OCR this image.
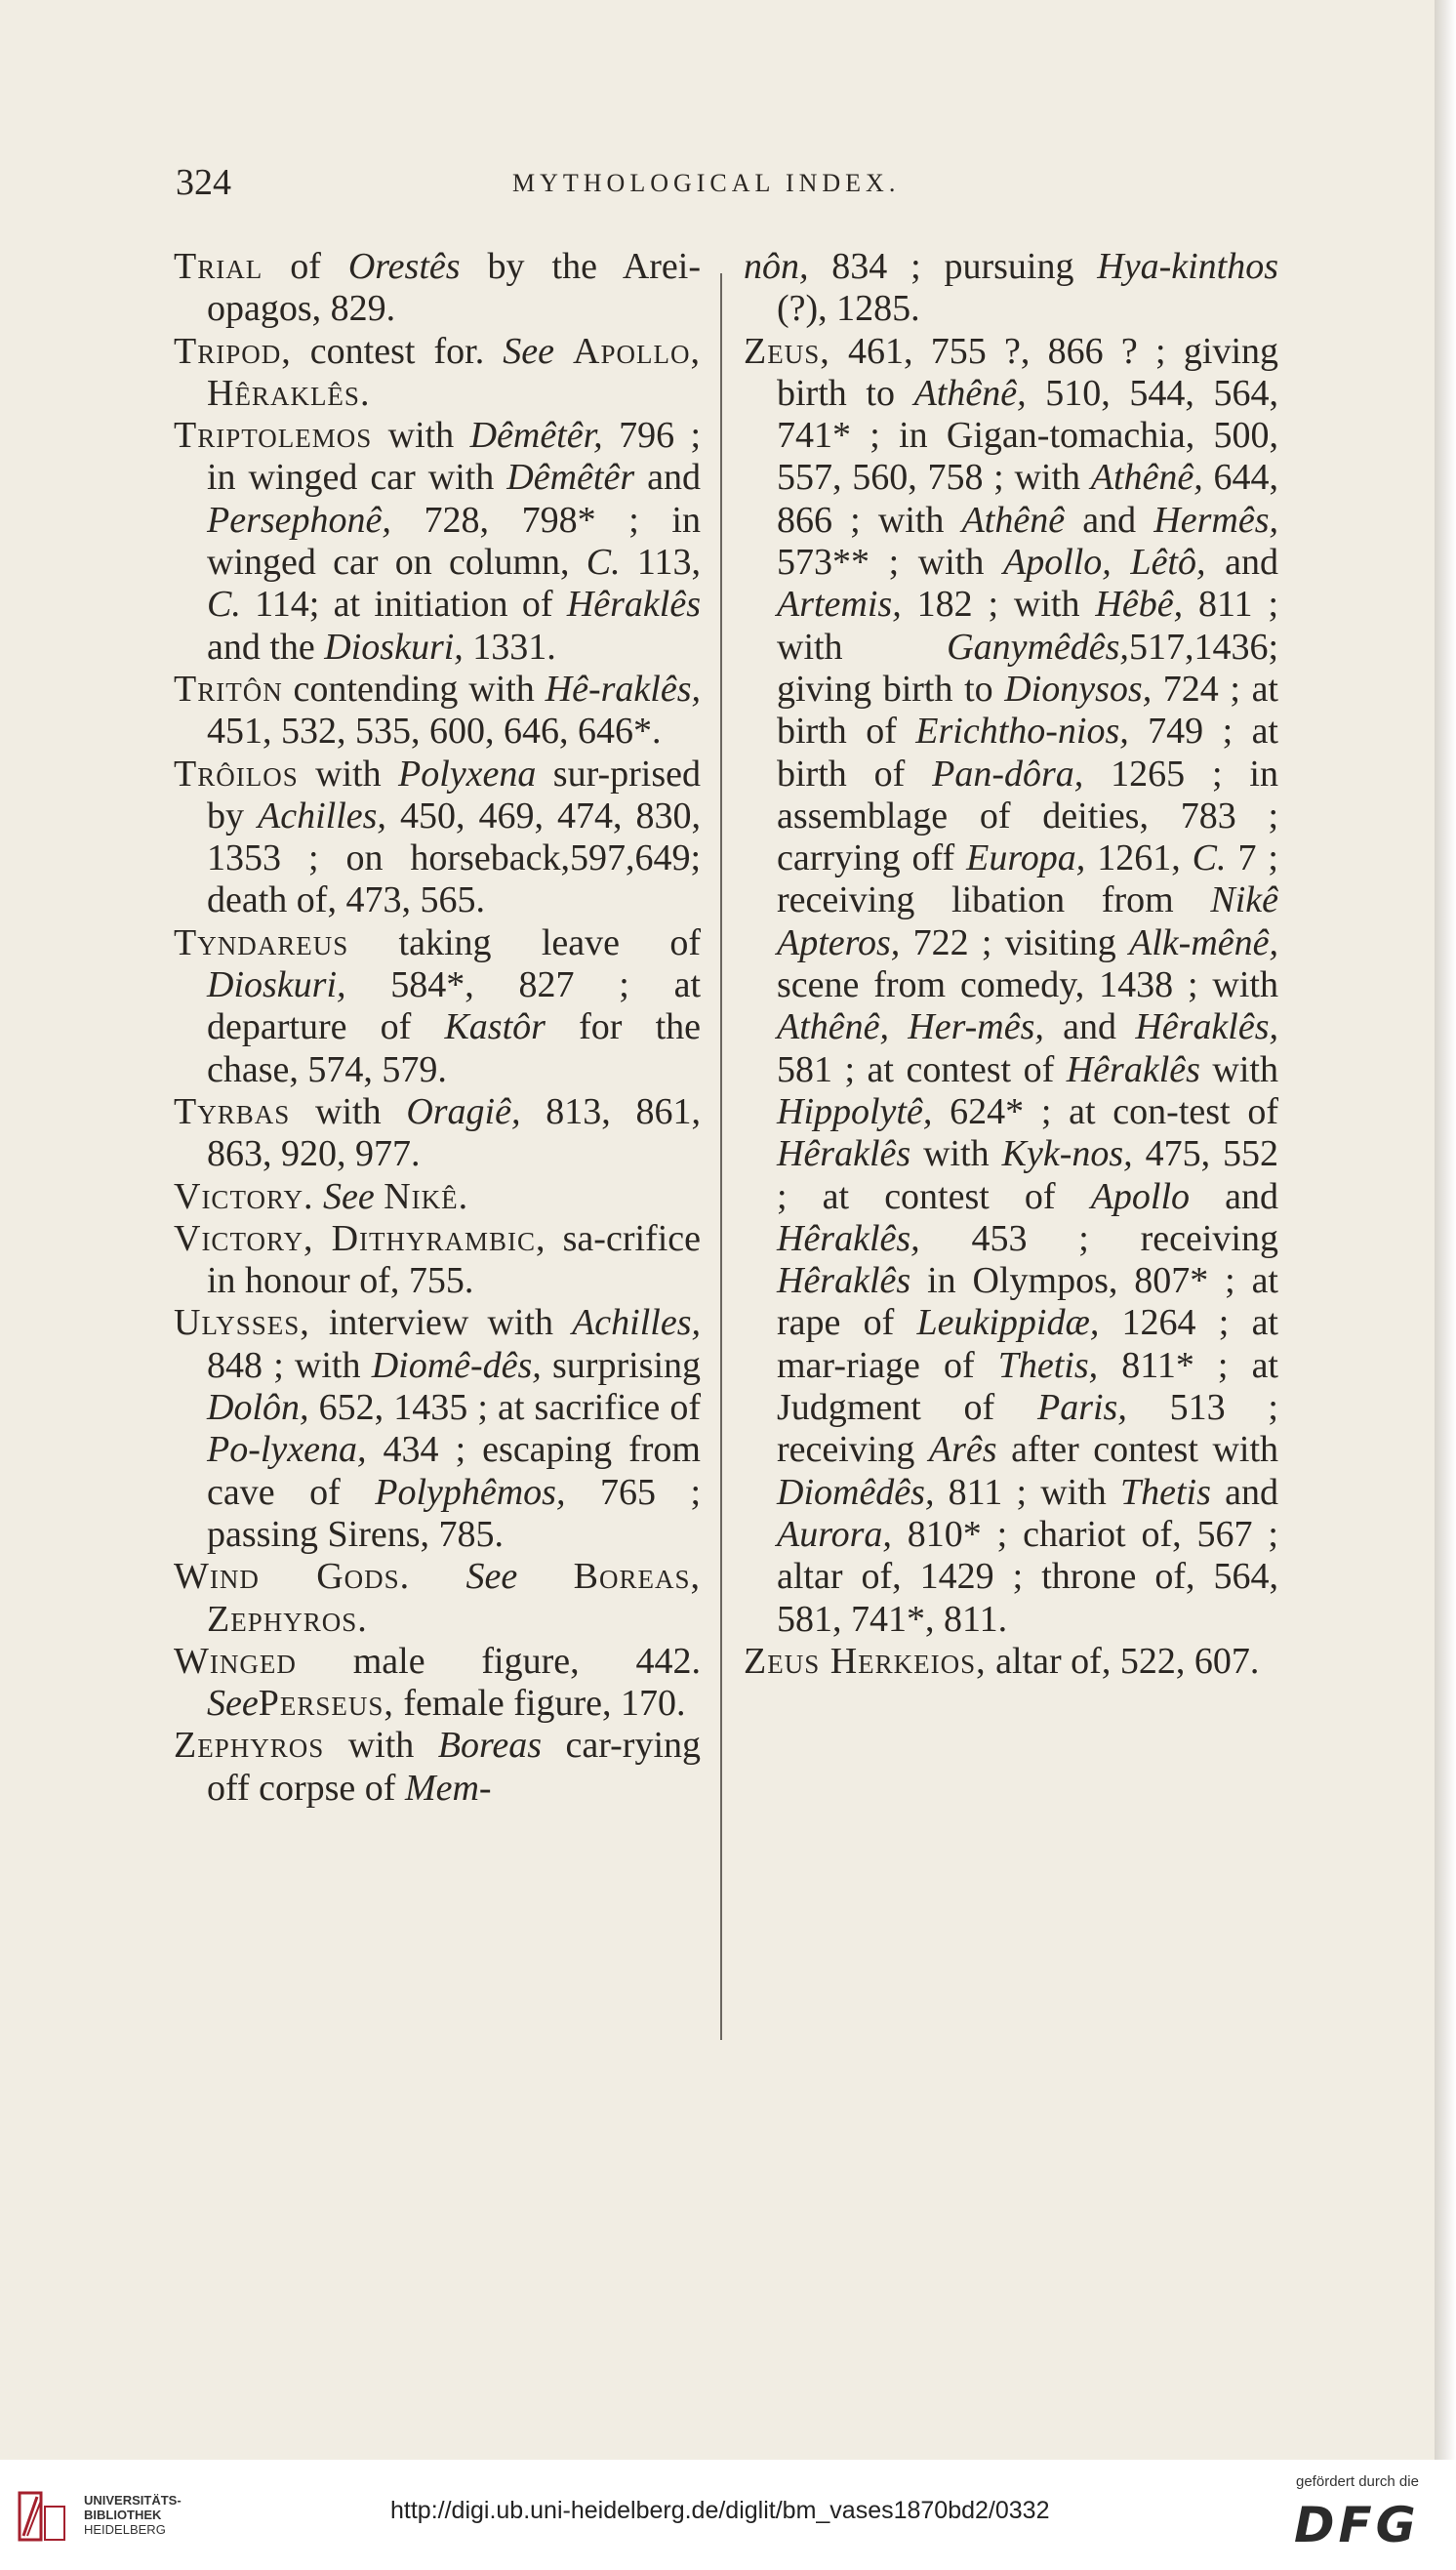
324	MYTHOLOGICAL INDEX.
Trial of Orestês by the Arei-opagos, 829.
Tripod, contest for. See Apollo, Hêraklês.
Triptolemos with Dêmêtêr, 796 ; in winged car with Dêmêtêr and Persephonê, 728, 798* ; in winged car on column, C. 113, C. 114; at initiation of Hêraklês and the Dioskuri, 1331.
Tritôn contending with Hê-raklês, 451, 532, 535, 600, 646, 646*.
Trôilos with Polyxena sur-prised by Achilles, 450, 469, 474, 830, 1353 ; on horseback,597,649; death of, 473, 565.
Tyndareus taking leave of Dioskuri, 584*, 827 ; at departure of Kastôr for the chase, 574, 579.
Tyrbas with Oragiê, 813, 861, 863, 920, 977.
Victory. See Nikê.
Victory, Dithyrambic, sa-crifice in honour of, 755.
Ulysses, interview with Achilles, 848 ; with Diomê-dês, surprising Dolôn, 652, 1435 ; at sacrifice of Po-lyxena, 434 ; escaping from cave of Polyphêmos, 765 ; passing Sirens, 785.
Wind Gods. See Boreas, Zephyros.
Winged male figure, 442. SeePerseus, female figure, 170.
Zephyros with Boreas car-rying off corpse of Mem-
nôn, 834 ; pursuing Hya-kinthos (?), 1285.
Zeus, 461, 755 ?, 866 ? ; giving birth to Athênê, 510, 544, 564, 741* ; in Gigan-tomachia, 500, 557, 560, 758 ; with Athênê, 644, 866 ; with Athênê and Hermês, 573** ; with Apollo, Lêtô, and Artemis, 182 ; with Hêbê, 811 ; with Ganymêdês,517,1436; giving birth to Dionysos, 724 ; at birth of Erichtho-nios, 749 ; at birth of Pan-dôra, 1265 ; in assemblage of deities, 783 ; carrying off Europa, 1261, C. 7 ; receiving libation from Nikê Apteros, 722 ; visiting Alk-mênê, scene from comedy, 1438 ; with Athênê, Her-mês, and Hêraklês, 581 ; at contest of Hêraklês with Hippolytê, 624* ; at con-test of Hêraklês with Kyk-nos, 475, 552 ; at contest of Apollo and Hêraklês, 453 ; receiving Hêraklês in Olympos, 807* ; at rape of Leukippidæ, 1264 ; at mar-riage of Thetis, 811* ; at Judgment of Paris, 513 ; receiving Arês after contest with Diomêdês, 811 ; with Thetis and Aurora, 810* ; chariot of, 567 ; altar of, 1429 ; throne of, 564, 581, 741*, 811.
Zeus Herkeios, altar of, 522, 607.
UNIVERSITÄTS-
BIBLIOTHEK
HEIDELBERG
http://digi.ub.uni-heidelberg.de/diglit/bm_vases1870bd2/0332
gefördert durch die
DFG
